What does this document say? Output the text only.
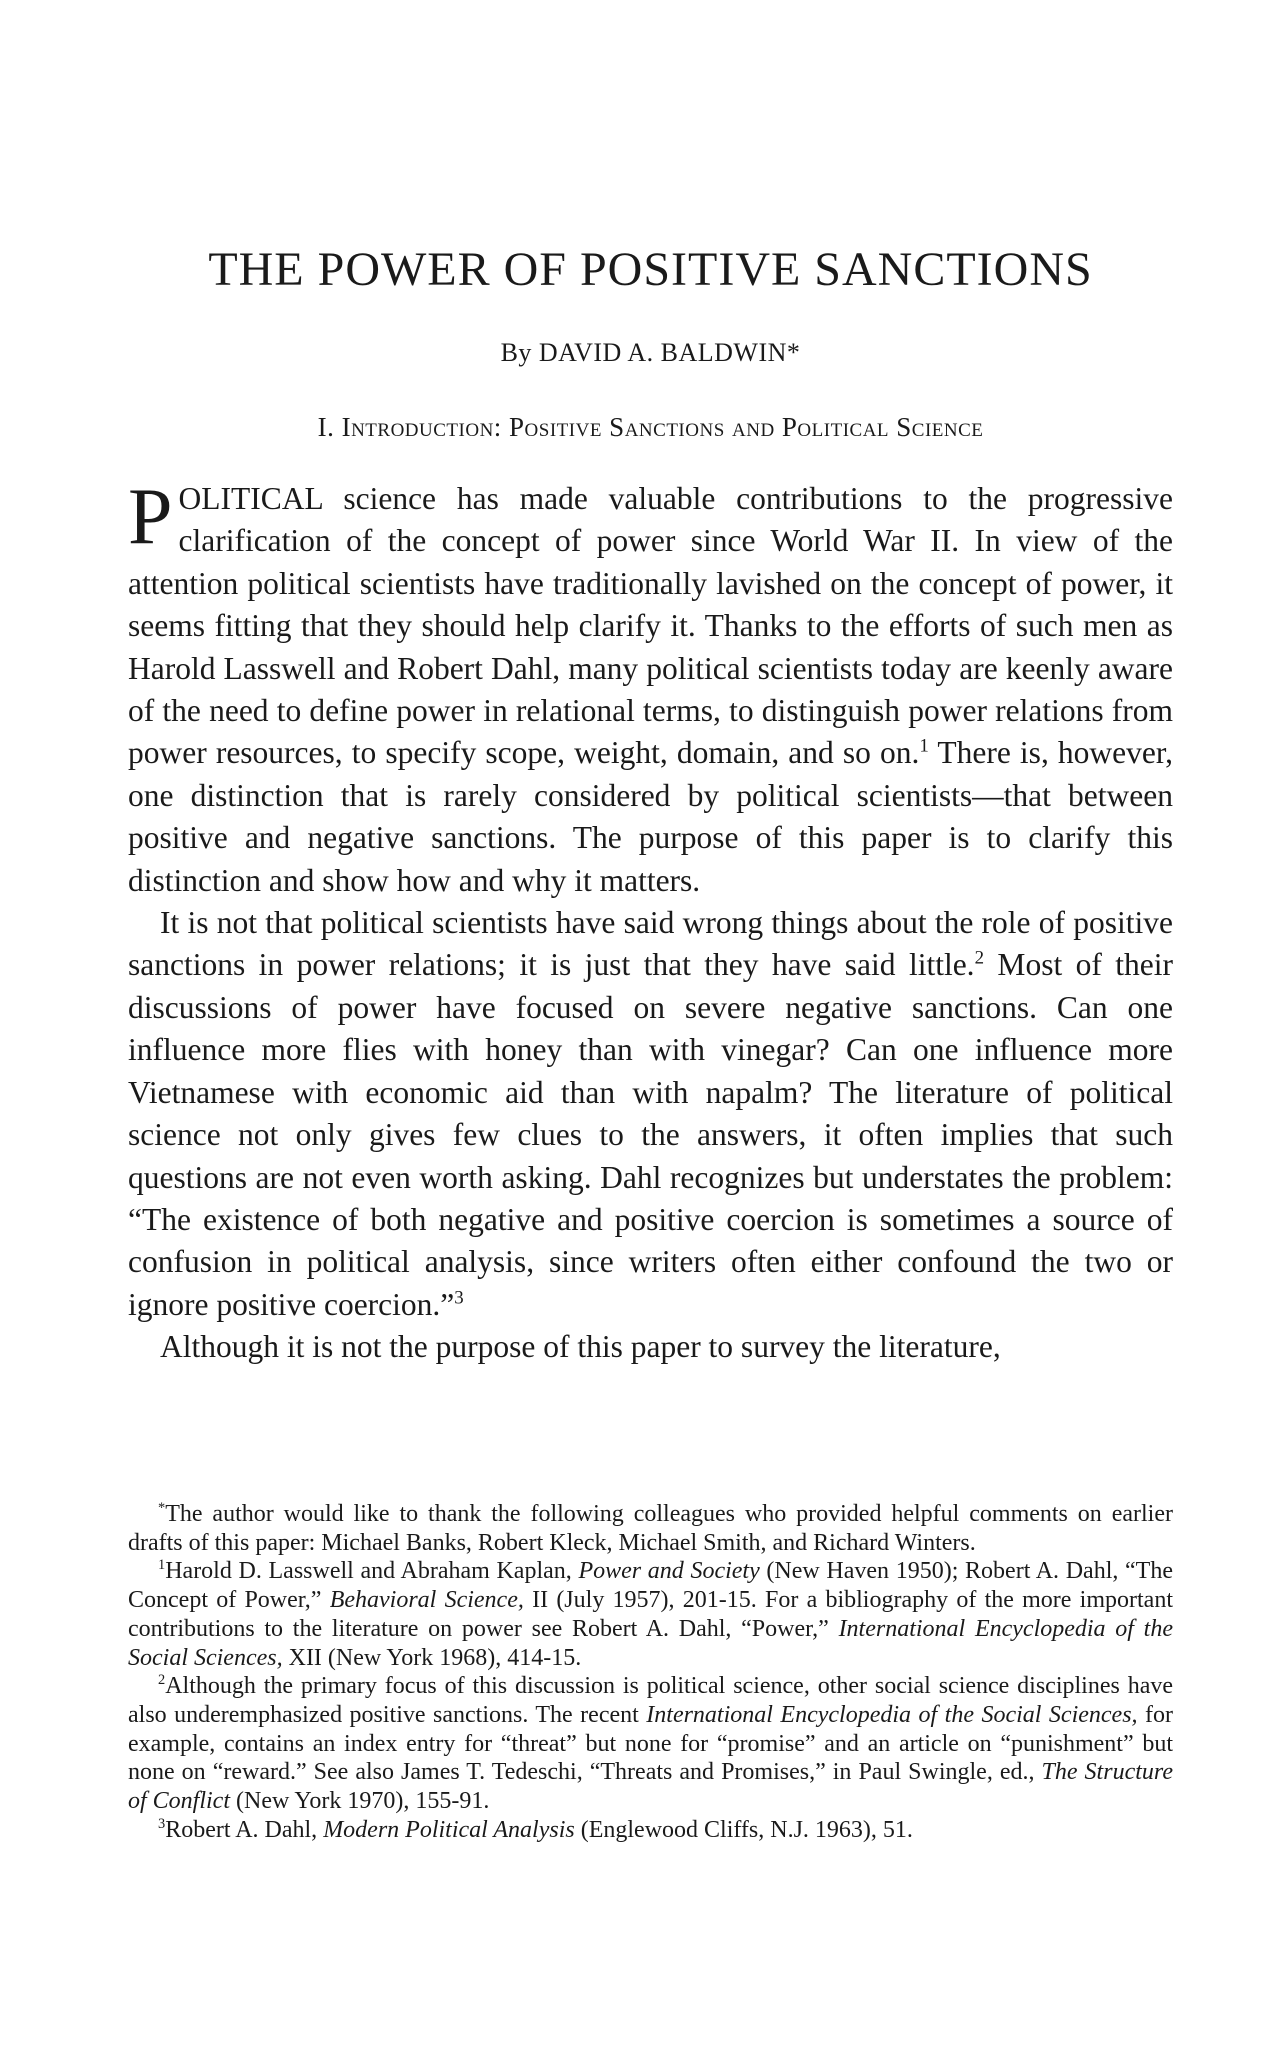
THE POWER OF POSITIVE SANCTIONS
By DAVID A. BALDWIN*
I. Introduction: Positive Sanctions and Political Science

POLITICAL science has made valuable contributions to the progressive clarification of the concept of power since World War II. In view of the attention political scientists have traditionally lavished on the concept of power, it seems fitting that they should help clarify it. Thanks to the efforts of such men as Harold Lasswell and Robert Dahl, many political scientists today are keenly aware of the need to define power in relational terms, to distinguish power relations from power resources, to specify scope, weight, domain, and so on.$^1$ There is, however, one distinction that is rarely considered by political scientists—that between positive and negative sanctions. The purpose of this paper is to clarify this distinction and show how and why it matters.

It is not that political scientists have said wrong things about the role of positive sanctions in power relations; it is just that they have said little.$^2$ Most of their discussions of power have focused on severe negative sanctions. Can one influence more flies with honey than with vinegar? Can one influence more Vietnamese with economic aid than with napalm? The literature of political science not only gives few clues to the answers, it often implies that such questions are not even worth asking. Dahl recognizes but understates the problem: “The existence of both negative and positive coercion is sometimes a source of confusion in political analysis, since writers often either confound the two or ignore positive coercion.”$^3$

Although it is not the purpose of this paper to survey the literature,

*The author would like to thank the following colleagues who provided helpful comments on earlier drafts of this paper: Michael Banks, Robert Kleck, Michael Smith, and Richard Winters.

$^1$Harold D. Lasswell and Abraham Kaplan, Power and Society (New Haven 1950); Robert A. Dahl, “The Concept of Power,” Behavioral Science, II (July 1957), 201-15. For a bibliography of the more important contributions to the literature on power see Robert A. Dahl, “Power,” International Encyclopedia of the Social Sciences, XII (New York 1968), 414-15.

$^2$Although the primary focus of this discussion is political science, other social science disciplines have also underemphasized positive sanctions. The recent International Encyclopedia of the Social Sciences, for example, contains an index entry for “threat” but none for “promise” and an article on “punishment” but none on “reward.” See also James T. Tedeschi, “Threats and Promises,” in Paul Swingle, ed., The Structure of Conflict (New York 1970), 155-91.

$^3$Robert A. Dahl, Modern Political Analysis (Englewood Cliffs, N.J. 1963), 51.
